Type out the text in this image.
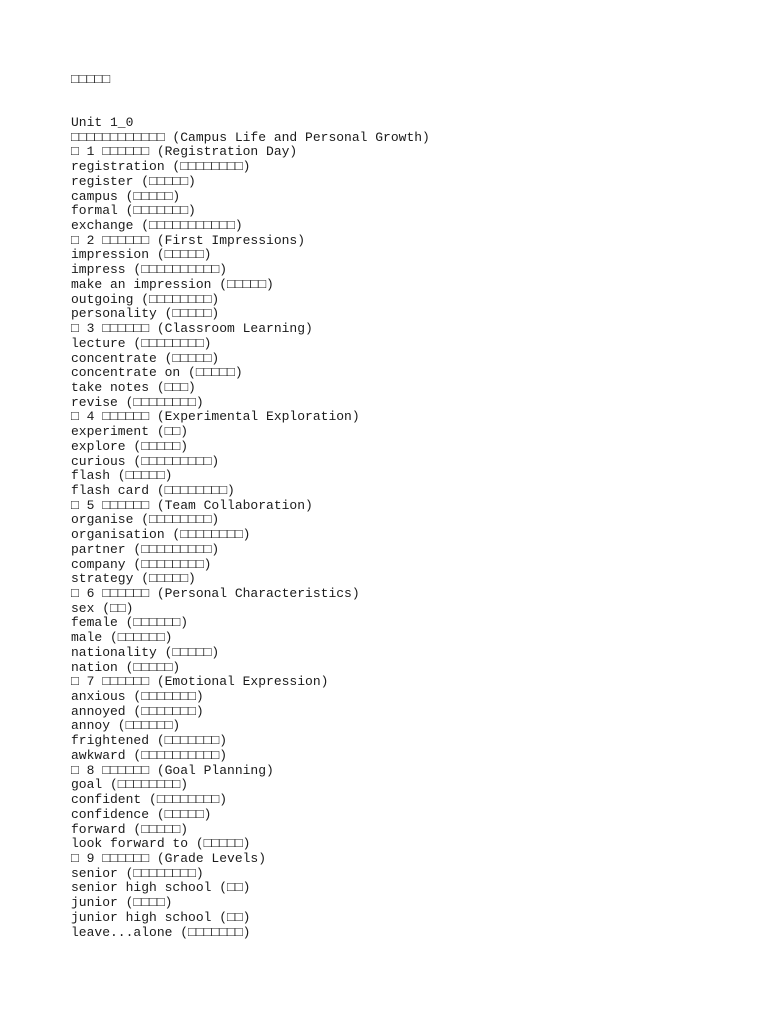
□□□□□
Unit 1_0
□□□□□□□□□□□□ (Campus Life and Personal Growth)
□ 1 □□□□□□ (Registration Day)
registration (□□□□□□□□)
register (□□□□□)
campus (□□□□□)
formal (□□□□□□□)
exchange (□□□□□□□□□□□)
□ 2 □□□□□□ (First Impressions)
impression (□□□□□)
impress (□□□□□□□□□□)
make an impression (□□□□□)
outgoing (□□□□□□□□)
personality (□□□□□)
□ 3 □□□□□□ (Classroom Learning)
lecture (□□□□□□□□)
concentrate (□□□□□)
concentrate on (□□□□□)
take notes (□□□)
revise (□□□□□□□□)
□ 4 □□□□□□ (Experimental Exploration)
experiment (□□)
explore (□□□□□)
curious (□□□□□□□□□)
flash (□□□□□)
flash card (□□□□□□□□)
□ 5 □□□□□□ (Team Collaboration)
organise (□□□□□□□□)
organisation (□□□□□□□□)
partner (□□□□□□□□□)
company (□□□□□□□□)
strategy (□□□□□)
□ 6 □□□□□□ (Personal Characteristics)
sex (□□)
female (□□□□□□)
male (□□□□□□)
nationality (□□□□□)
nation (□□□□□)
□ 7 □□□□□□ (Emotional Expression)
anxious (□□□□□□□)
annoyed (□□□□□□□)
annoy (□□□□□□)
frightened (□□□□□□□)
awkward (□□□□□□□□□□)
□ 8 □□□□□□ (Goal Planning)
goal (□□□□□□□□)
confident (□□□□□□□□)
confidence (□□□□□)
forward (□□□□□)
look forward to (□□□□□)
□ 9 □□□□□□ (Grade Levels)
senior (□□□□□□□□)
senior high school (□□)
junior (□□□□)
junior high school (□□)
leave...alone (□□□□□□□)
